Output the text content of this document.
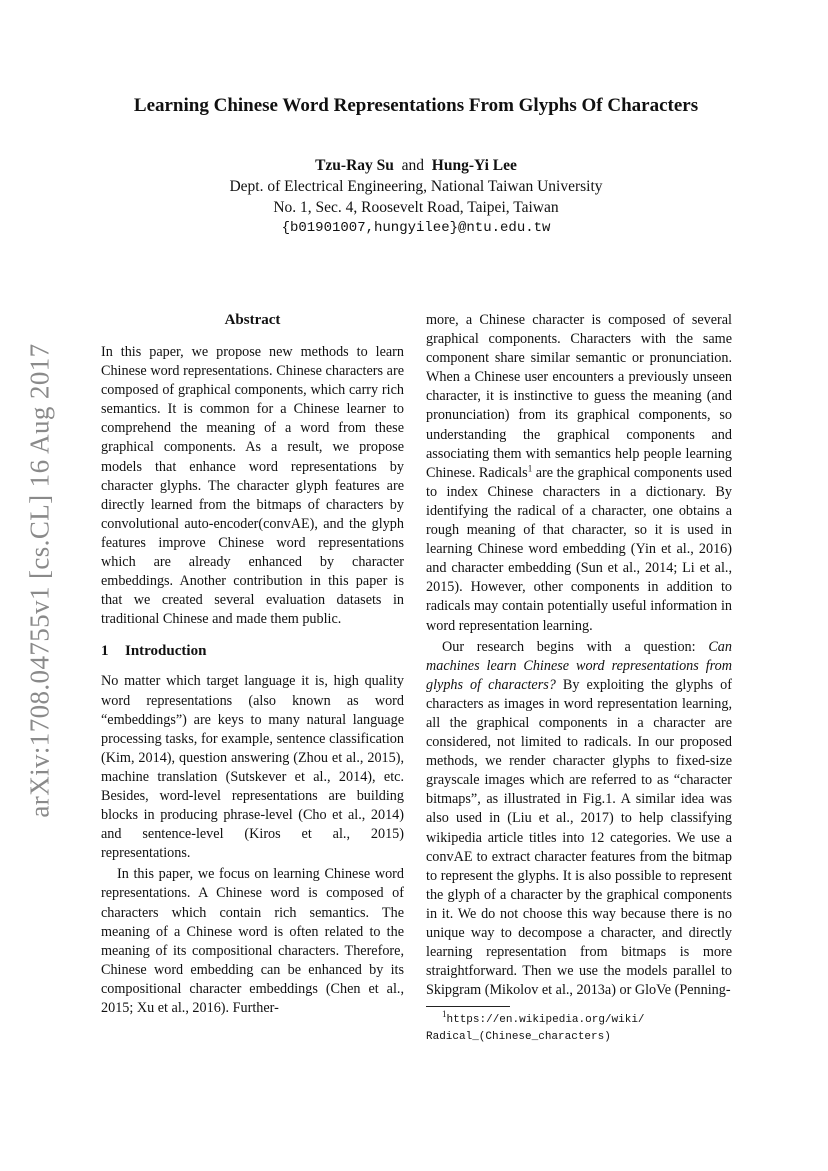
arXiv:1708.04755v1 [cs.CL] 16 Aug 2017
Learning Chinese Word Representations From Glyphs Of Characters
Tzu-Ray Su and Hung-Yi Lee
Dept. of Electrical Engineering, National Taiwan University
No. 1, Sec. 4, Roosevelt Road, Taipei, Taiwan
{b01901007,hungyilee}@ntu.edu.tw
Abstract

In this paper, we propose new methods to learn Chinese word representations. Chinese characters are composed of graphical components, which carry rich semantics. It is common for a Chinese learner to comprehend the meaning of a word from these graphical components. As a result, we propose models that enhance word representations by character glyphs. The character glyph features are directly learned from the bitmaps of characters by convolutional auto-encoder(convAE), and the glyph features improve Chinese word representations which are already enhanced by character embeddings. Another contribution in this paper is that we created several evaluation datasets in traditional Chinese and made them public.

1 Introduction

No matter which target language it is, high quality word representations (also known as word “embeddings”) are keys to many natural language processing tasks, for example, sentence classification (Kim, 2014), question answering (Zhou et al., 2015), machine translation (Sutskever et al., 2014), etc. Besides, word-level representations are building blocks in producing phrase-level (Cho et al., 2014) and sentence-level (Kiros et al., 2015) representations.

In this paper, we focus on learning Chinese word representations. A Chinese word is composed of characters which contain rich semantics. The meaning of a Chinese word is often related to the meaning of its compositional characters. Therefore, Chinese word embedding can be enhanced by its compositional character embeddings (Chen et al., 2015; Xu et al., 2016). Further-

more, a Chinese character is composed of several graphical components. Characters with the same component share similar semantic or pronunciation. When a Chinese user encounters a previously unseen character, it is instinctive to guess the meaning (and pronunciation) from its graphical components, so understanding the graphical components and associating them with semantics help people learning Chinese. Radicals$^1$ are the graphical components used to index Chinese characters in a dictionary. By identifying the radical of a character, one obtains a rough meaning of that character, so it is used in learning Chinese word embedding (Yin et al., 2016) and character embedding (Sun et al., 2014; Li et al., 2015). However, other components in addition to radicals may contain potentially useful information in word representation learning.

Our research begins with a question: Can machines learn Chinese word representations from glyphs of characters? By exploiting the glyphs of characters as images in word representation learning, all the graphical components in a character are considered, not limited to radicals. In our proposed methods, we render character glyphs to fixed-size grayscale images which are referred to as “character bitmaps”, as illustrated in Fig.1. A similar idea was also used in (Liu et al., 2017) to help classifying wikipedia article titles into 12 categories. We use a convAE to extract character features from the bitmap to represent the glyphs. It is also possible to represent the glyph of a character by the graphical components in it. We do not choose this way because there is no unique way to decompose a character, and directly learning representation from bitmaps is more straightforward. Then we use the models parallel to Skipgram (Mikolov et al., 2013a) or GloVe (Penning-

$^1$https://en.wikipedia.org/wiki/
Radical_(Chinese_characters)
